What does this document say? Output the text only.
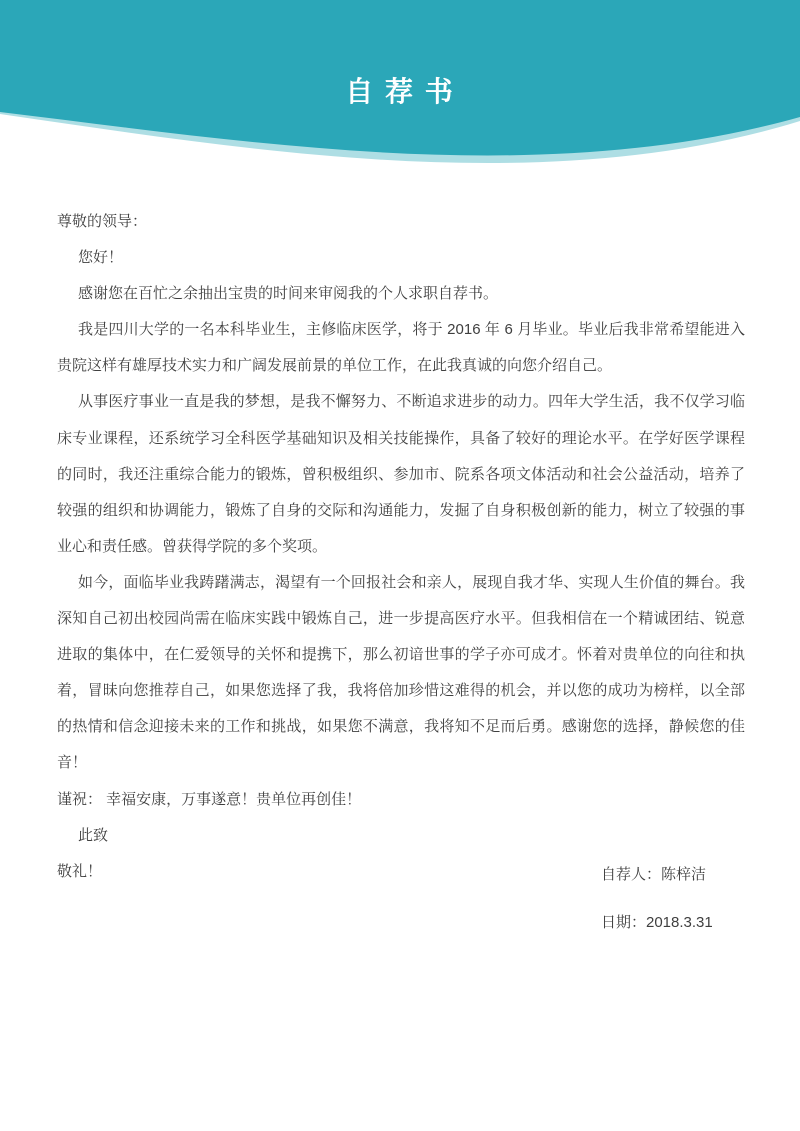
自 荐 书

尊敬的领导：

您好！

感谢您在百忙之余抽出宝贵的时间来审阅我的个人求职自荐书。

我是四川大学的一名本科毕业生，主修临床医学，将于 2016 年 6 月毕业。毕业后我非常希望能进入贵院这样有雄厚技术实力和广阔发展前景的单位工作，在此我真诚的向您介绍自己。

从事医疗事业一直是我的梦想，是我不懈努力、不断追求进步的动力。四年大学生活，我不仅学习临床专业课程，还系统学习全科医学基础知识及相关技能操作，具备了较好的理论水平。在学好医学课程的同时，我还注重综合能力的锻炼，曾积极组织、参加市、院系各项文体活动和社会公益活动，培养了较强的组织和协调能力，锻炼了自身的交际和沟通能力，发掘了自身积极创新的能力，树立了较强的事业心和责任感。曾获得学院的多个奖项。

如今，面临毕业我踌躇满志，渴望有一个回报社会和亲人，展现自我才华、实现人生价值的舞台。我深知自己初出校园尚需在临床实践中锻炼自己，进一步提高医疗水平。但我相信在一个精诚团结、锐意进取的集体中，在仁爱领导的关怀和提携下，那么初谙世事的学子亦可成才。怀着对贵单位的向往和执着，冒昧向您推荐自己，如果您选择了我，我将倍加珍惜这难得的机会，并以您的成功为榜样，以全部的热情和信念迎接未来的工作和挑战，如果您不满意，我将知不足而后勇。感谢您的选择，静候您的佳音！

谨祝： 幸福安康，万事遂意！贵单位再创佳！

此致

敬礼！	自荐人：陈梓洁

日期：2018.3.31
